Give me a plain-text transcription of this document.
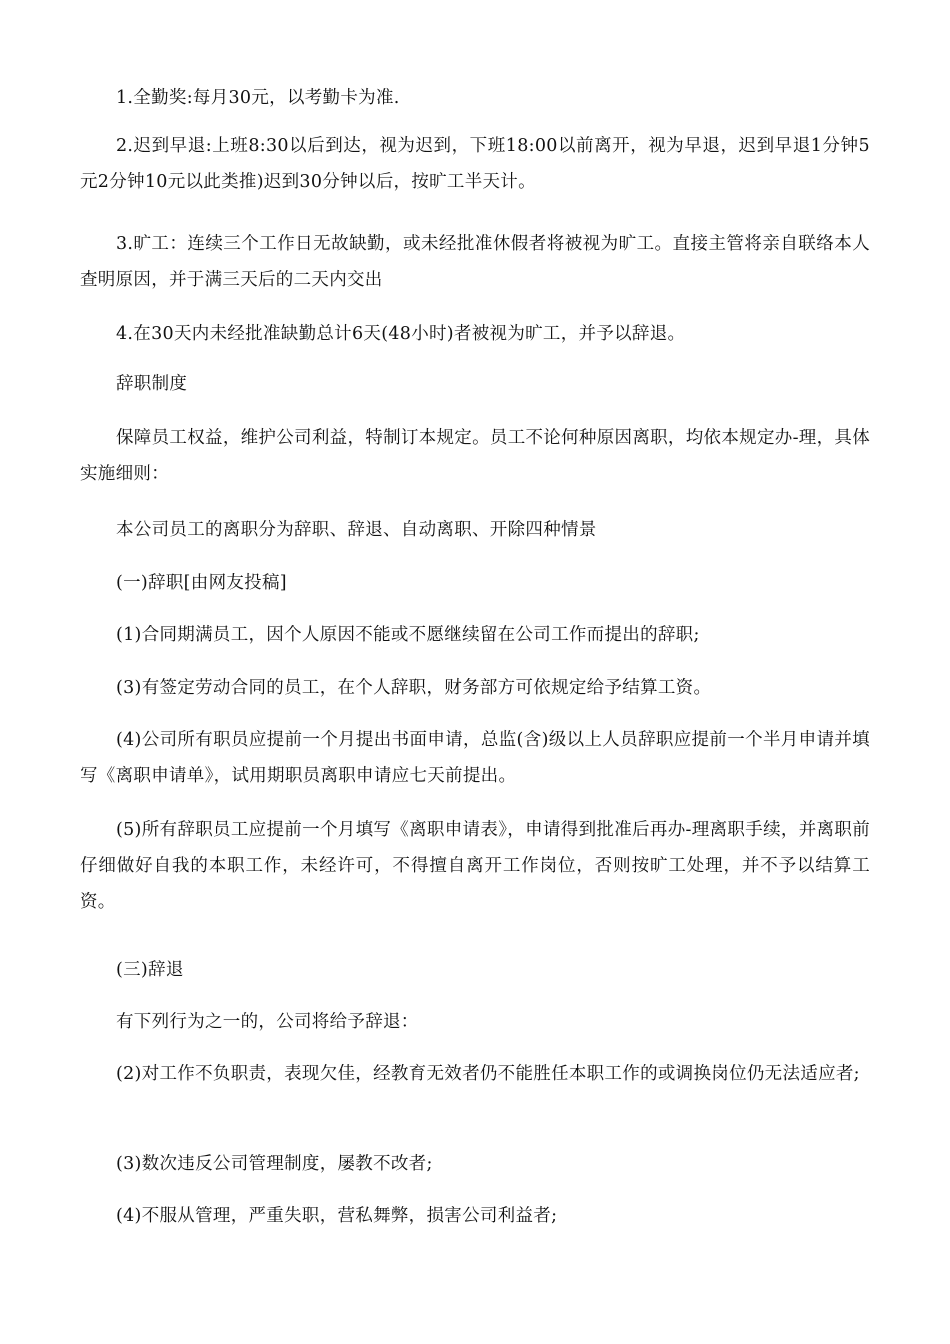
1.全勤奖:每月30元，以考勤卡为准.

2.迟到早退:上班8:30以后到达，视为迟到，下班18:00以前离开，视为早退，迟到早退1分钟5元2分钟10元以此类推)迟到30分钟以后，按旷工半天计。

3.旷工：连续三个工作日无故缺勤，或未经批准休假者将被视为旷工。直接主管将亲自联络本人查明原因，并于满三天后的二天内交出

4.在30天内未经批准缺勤总计6天(48小时)者被视为旷工，并予以辞退。

辞职制度

保障员工权益，维护公司利益，特制订本规定。员工不论何种原因离职，均依本规定办-理，具体实施细则：

本公司员工的离职分为辞职、辞退、自动离职、开除四种情景

(一)辞职[由网友投稿]

(1)合同期满员工，因个人原因不能或不愿继续留在公司工作而提出的辞职;

(3)有签定劳动合同的员工，在个人辞职，财务部方可依规定给予结算工资。

(4)公司所有职员应提前一个月提出书面申请，总监(含)级以上人员辞职应提前一个半月申请并填写《离职申请单》，试用期职员离职申请应七天前提出。

(5)所有辞职员工应提前一个月填写《离职申请表》，申请得到批准后再办-理离职手续，并离职前仔细做好自我的本职工作，未经许可，不得擅自离开工作岗位，否则按旷工处理，并不予以结算工资。

(三)辞退

有下列行为之一的，公司将给予辞退：

(2)对工作不负职责，表现欠佳，经教育无效者仍不能胜任本职工作的或调换岗位仍无法适应者;

(3)数次违反公司管理制度，屡教不改者;

(4)不服从管理，严重失职，营私舞弊，损害公司利益者;
